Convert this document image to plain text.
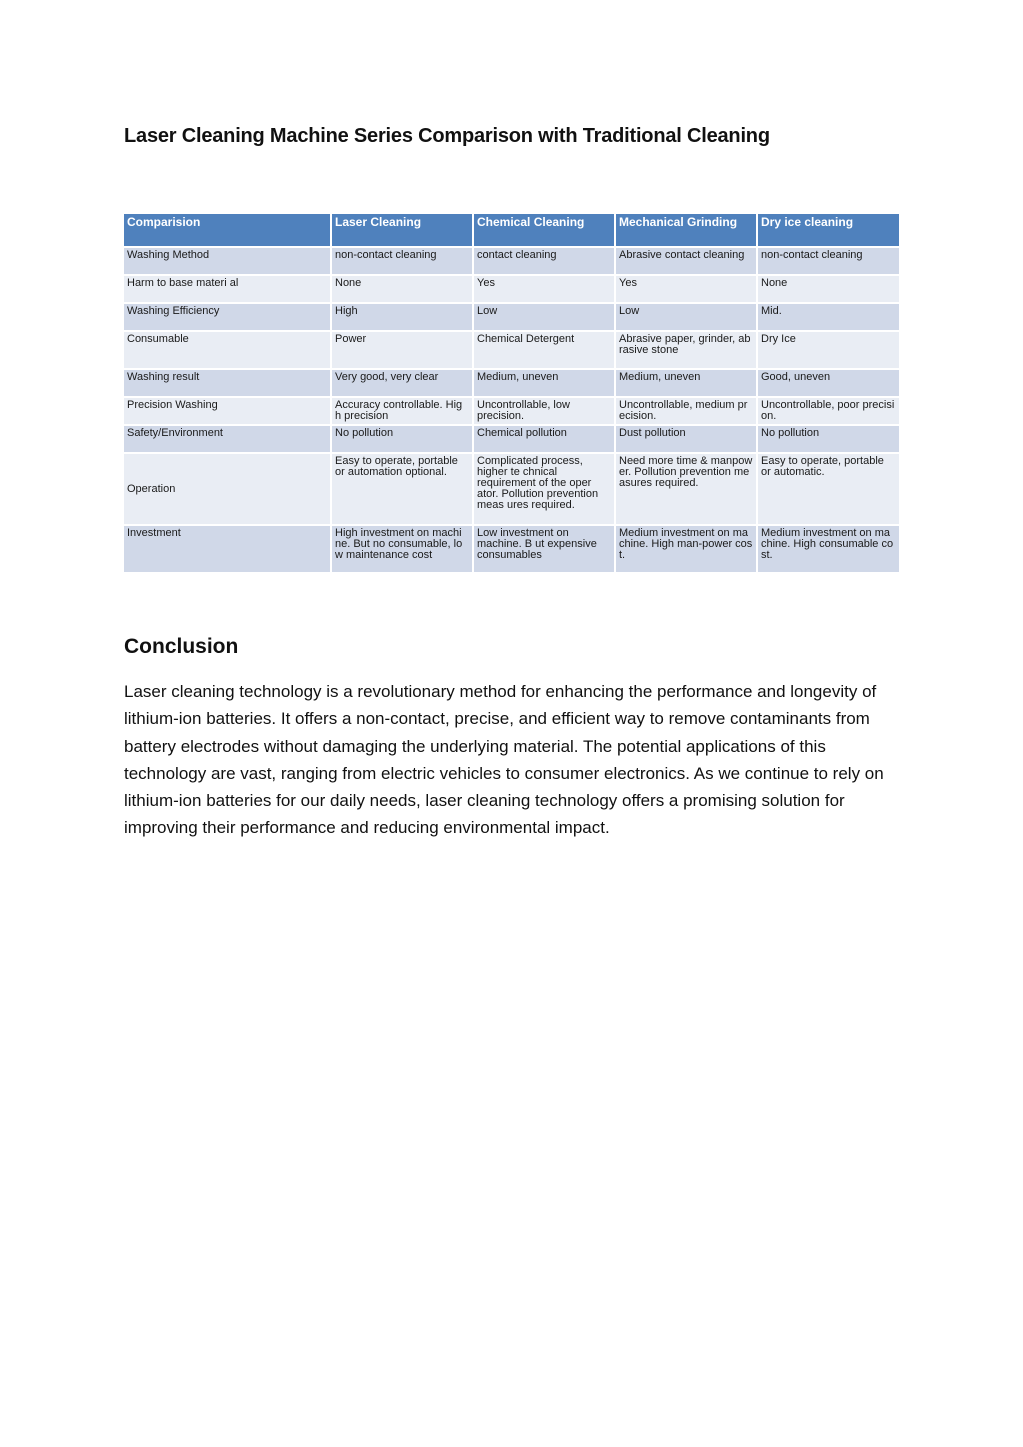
Laser Cleaning Machine Series Comparison with Traditional Cleaning
Comparision	Laser Cleaning	Chemical Cleaning	Mechanical Grinding	Dry ice cleaning
Washing Method	non-contact cleaning	contact cleaning	Abrasive contact cleaning	non-contact cleaning
Harm to base materi al	None	Yes	Yes	None
Washing Efficiency	High	Low	Low	Mid.
Consumable	Power	Chemical Detergent	Abrasive paper, grinder, ab rasive stone	Dry Ice
Washing result	Very good, very clear	Medium, uneven	Medium, uneven	Good, uneven
Precision Washing	Accuracy controllable. Hig h precision	Uncontrollable, low precision.	Uncontrollable, medium pr ecision.	Uncontrollable, poor precisi on.
Safety/Environment	No pollution	Chemical pollution	Dust pollution	No pollution
Operation	Easy to operate, portable or automation optional.	Complicated process, higher te chnical requirement of the oper ator. Pollution prevention meas ures required.	Need more time & manpow er. Pollution prevention me asures required.	Easy to operate, portable or automatic.
Investment	High investment on machi ne. But no consumable, lo w maintenance cost	Low investment on machine. B ut expensive consumables	Medium investment on ma chine. High man-power cos t.	Medium investment on ma chine. High consumable co st.
Conclusion

Laser cleaning technology is a revolutionary method for enhancing the performance and longevity of lithium-ion batteries. It offers a non-contact, precise, and efficient way to remove contaminants from battery electrodes without damaging the underlying material. The potential applications of this technology are vast, ranging from electric vehicles to consumer electronics. As we continue to rely on lithium-ion batteries for our daily needs, laser cleaning technology offers a promising solution for improving their performance and reducing environmental impact.
